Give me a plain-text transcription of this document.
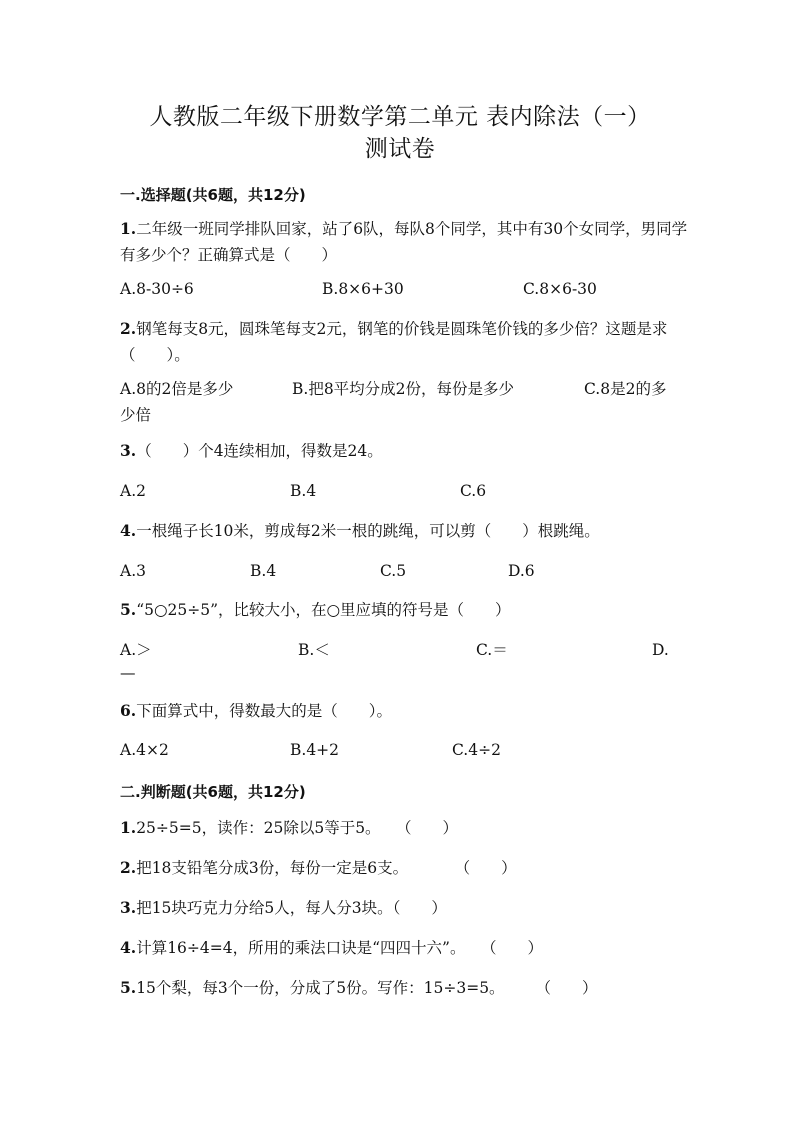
人教版二年级下册数学第二单元 表内除法（一）
测试卷
一.选择题(共6题，共12分)
1.二年级一班同学排队回家，站了6队，每队8个同学，其中有30个女同学，男同学有多少个？正确算式是（　　）
A.8-30÷6	B.8×6+30	C.8×6-30
2.钢笔每支8元，圆珠笔每支2元，钢笔的价钱是圆珠笔价钱的多少倍？这题是求（　　）。
A.8的2倍是多少	B.把8平均分成2份，每份是多少	C.8是2的多少倍
3.（　　）个4连续相加，得数是24。
A.2	B.4	C.6
4.一根绳子长10米，剪成每2米一根的跳绳，可以剪（　　）根跳绳。
A.3	B.4	C.5	D.6
5.“5○25÷5”，比较大小，在○里应填的符号是（　　）
A.＞	B.＜	C.＝	D.
—
6.下面算式中，得数最大的是（　　）。
A.4×2	B.4+2	C.4÷2
二.判断题(共6题，共12分)
1.25÷5=5，读作：25除以5等于5。　　（　　）
2.把18支铅笔分成3份，每份一定是6支。　　　　（　　）
3.把15块巧克力分给5人，每人分3块。（　　）
4.计算16÷4=4，所用的乘法口诀是“四四十六”。　　（　　）
5.15个梨，每3个一份，分成了5份。写作：15÷3=5。　　　（　　）
